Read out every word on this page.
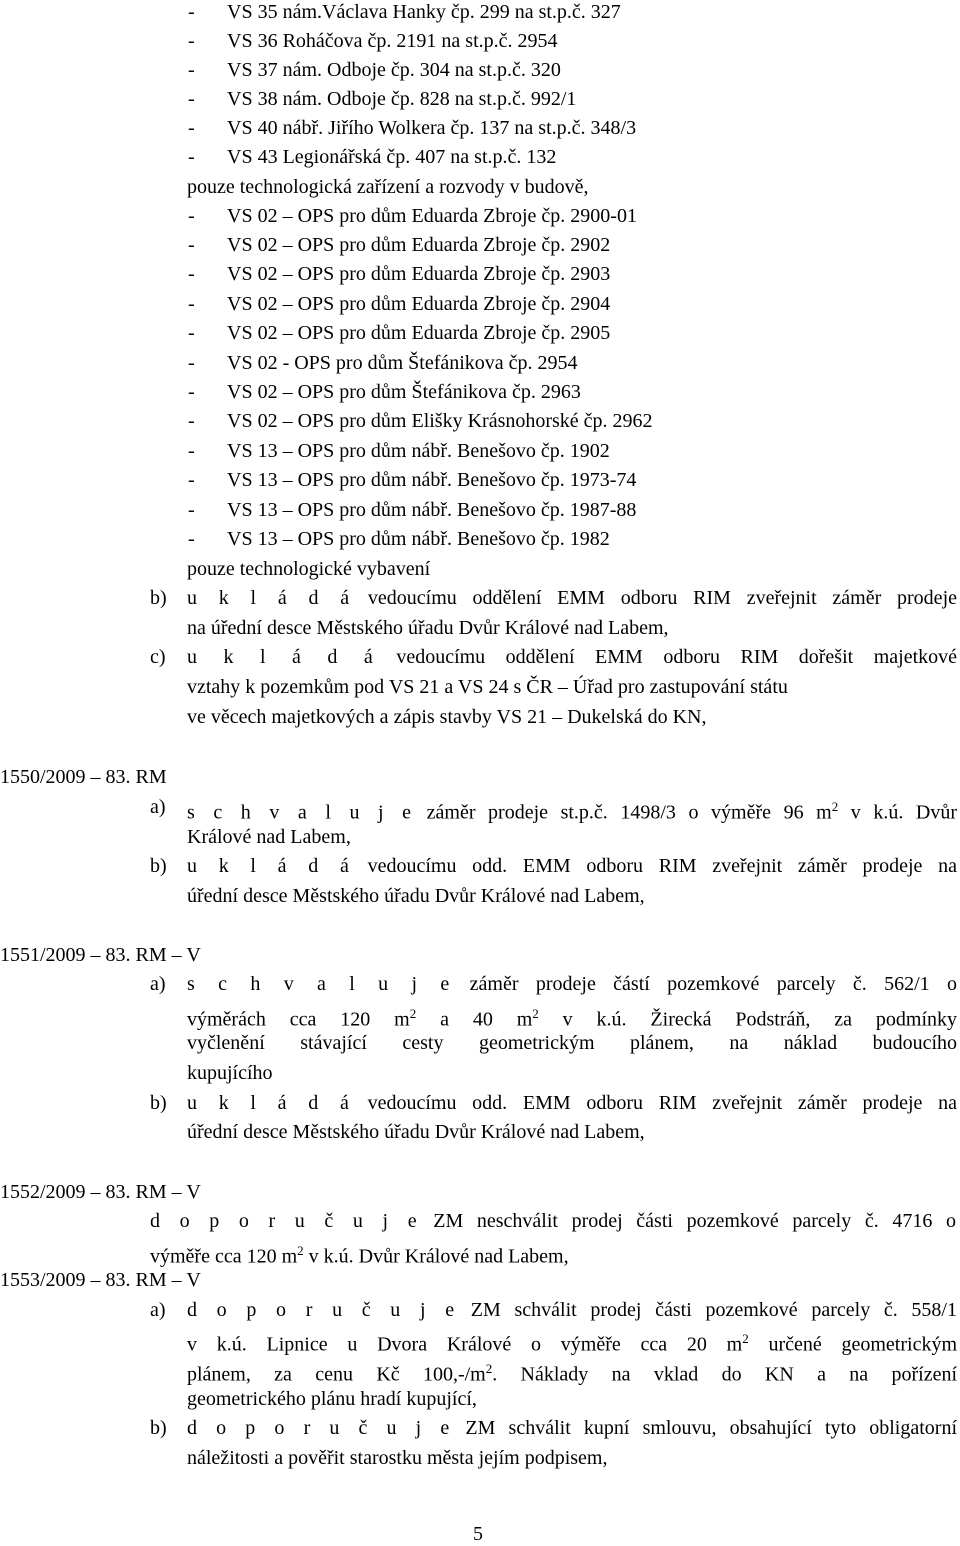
- VS 35 nám.Václava Hanky čp. 299 na st.p.č. 327
- VS 36 Roháčova čp. 2191 na st.p.č. 2954
- VS 37 nám. Odboje čp. 304 na st.p.č. 320
- VS 38 nám. Odboje čp. 828 na st.p.č. 992/1
- VS 40 nábř. Jiřího Wolkera čp. 137 na st.p.č. 348/3
- VS 43 Legionářská čp. 407 na st.p.č. 132
pouze technologická zařízení a rozvody v budově,
- VS 02 – OPS pro dům Eduarda Zbroje čp. 2900-01
- VS 02 – OPS pro dům Eduarda Zbroje čp. 2902
- VS 02 – OPS pro dům Eduarda Zbroje čp. 2903
- VS 02 – OPS pro dům Eduarda Zbroje čp. 2904
- VS 02 – OPS pro dům Eduarda Zbroje čp. 2905
- VS 02 - OPS pro dům Štefánikova čp. 2954
- VS 02 – OPS pro dům Štefánikova čp. 2963
- VS 02 – OPS pro dům Elišky Krásnohorské čp. 2962
- VS 13 – OPS pro dům nábř. Benešovo čp. 1902
- VS 13 – OPS pro dům nábř. Benešovo čp. 1973-74
- VS 13 – OPS pro dům nábř. Benešovo čp. 1987-88
- VS 13 – OPS pro dům nábř. Benešovo čp. 1982
pouze technologické vybavení
b) u k l á d á vedoucímu oddělení EMM odboru RIM zveřejnit záměr prodeje
na úřední desce Městského úřadu Dvůr Králové nad Labem,
c) u k l á d á vedoucímu oddělení EMM odboru RIM dořešit majetkové
vztahy k pozemkům pod VS 21 a VS 24 s ČR – Úřad pro zastupování státu
ve věcech majetkových a zápis stavby VS 21 – Dukelská do KN,
1550/2009 – 83. RM
a) s c h v a l u j e záměr prodeje st.p.č. 1498/3 o výměře 96 $m^2$ v k.ú. Dvůr
Králové nad Labem,
b) u k l á d á vedoucímu odd. EMM odboru RIM zveřejnit záměr prodeje na
úřední desce Městského úřadu Dvůr Králové nad Labem,
1551/2009 – 83. RM – V
a) s c h v a l u j e záměr prodeje částí pozemkové parcely č. 562/1 o
výměrách cca 120 $m^2$ a 40 $m^2$ v k.ú. Žirecká Podstráň, za podmínky
vyčlenění stávající cesty geometrickým plánem, na náklad budoucího
kupujícího
b) u k l á d á vedoucímu odd. EMM odboru RIM zveřejnit záměr prodeje na
úřední desce Městského úřadu Dvůr Králové nad Labem,
1552/2009 – 83. RM – V
d o p o r u č u j e ZM neschválit prodej části pozemkové parcely č. 4716 o
výměře cca 120 $m^2$ v k.ú. Dvůr Králové nad Labem,
1553/2009 – 83. RM – V
a) d o p o r u č u j e ZM schválit prodej části pozemkové parcely č. 558/1
v k.ú. Lipnice u Dvora Králové o výměře cca 20 $m^2$ určené geometrickým
plánem, za cenu Kč $100,-/m^2$. Náklady na vklad do KN a na pořízení
geometrického plánu hradí kupující,
b) d o p o r u č u j e ZM schválit kupní smlouvu, obsahující tyto obligatorní
náležitosti a pověřit starostku města jejím podpisem,
5
